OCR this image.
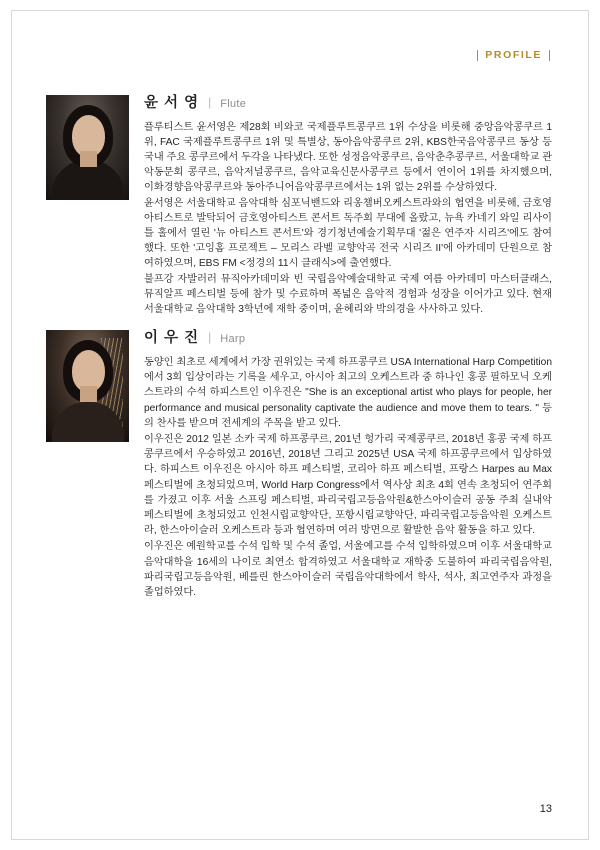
PROFILE
윤 서 영 | Flute

플루티스트 윤서영은 제28회 비와코 국제플루트콩쿠르 1위 수상을 비롯해 중앙음악콩쿠르 1위, FAC 국제플루트콩쿠르 1위 및 특별상, 동아음악콩쿠르 2위, KBS한국음악콩쿠르 동상 등 국내 주요 콩쿠르에서 두각을 나타냈다. 또한 성정음악콩쿠르, 음악춘추콩쿠르, 서울대학교 관악동문회 콩쿠르, 음악저널콩쿠르, 음악교육신문사콩쿠르 등에서 연이어 1위를 차지했으며, 이화경향음악콩쿠르와 동아주니어음악콩쿠르에서는 1위 없는 2위를 수상하였다.

윤서영은 서울대학교 음악대학 심포닉밴드와 리옹챔버오케스트라와의 협연을 비롯해, 금호영아티스트로 발탁되어 금호영아티스트 콘서트 독주회 무대에 올랐고, 뉴욕 카네기 와일 리사이틀 홀에서 열린 '뉴 아티스트 콘서트'와 경기청년예술기획무대 '젊은 연주자 시리즈'에도 참여했다. 또한 '고잉홈 프로젝트 – 모리스 라벨 교향악곡 전국 시리즈 II'에 아카데미 단원으로 참여하였으며, EBS FM <정경의 11시 클래식>에 출연했다.

불프강 자발러러 뮤직아카데미와 빈 국립음악예술대학교 국제 여름 아카데미 마스터클래스, 뮤직알프 페스티벌 등에 참가 및 수료하며 폭넓은 음악적 경험과 성장을 이어가고 있다. 현재 서울대학교 음악대학 3학년에 재학 중이며, 윤혜리와 박의경을 사사하고 있다.

이 우 진 | Harp

동양인 최초로 세계에서 가장 권위있는 국제 하프콩쿠르 USA International Harp Competition 에서 3회 입상이라는 기록을 세우고, 아시아 최고의 오케스트라 중 하나인 홍콩 필하모닉 오케스트라의 수석 하피스트인 이우진은 "She is an exceptional artist who plays for people, her performance and musical personality captivate the audience and move them to tears. " 등의 찬사를 받으며 전세계의 주목을 받고 있다.

이우진은 2012 일본 소카 국제 하프콩쿠르, 201년 헝가리 국제콩쿠르, 2018년 홍콩 국제 하프콩쿠르에서 우승하였고 2016년, 2018년 그리고 2025년 USA 국제 하프콩쿠르에서 입상하였다. 하피스트 이우진은 아시아 하프 페스티벌, 코리아 하프 페스티벌, 프랑스 Harpes au Max 페스티벌에 초청되었으며, World Harp Congress에서 역사상 최초 4회 연속 초청되어 연주회를 가졌고 이후 서울 스프링 페스티벌, 파리국립고등음악원&한스아이슬러 공동 주최 실내악 페스티벌에 초청되었고 인천시립교향악단, 포항시립교향악단, 파리국립고등음악원 오케스트라, 한스아이슬러 오케스트라 등과 협연하며 여러 방면으로 활발한 음악 활동을 하고 있다.

이우진은 예원학교를 수석 입학 및 수석 졸업, 서울예고를 수석 입학하였으며 이후 서울대학교 음악대학을 16세의 나이로 최연소 합격하였고 서울대학교 재학중 도불하여 파리국립음악원, 파리국립고등음악원, 베를린 한스아이슬러 국립음악대학에서 학사, 석사, 최고연주자 과정을 졸업하였다.

13
